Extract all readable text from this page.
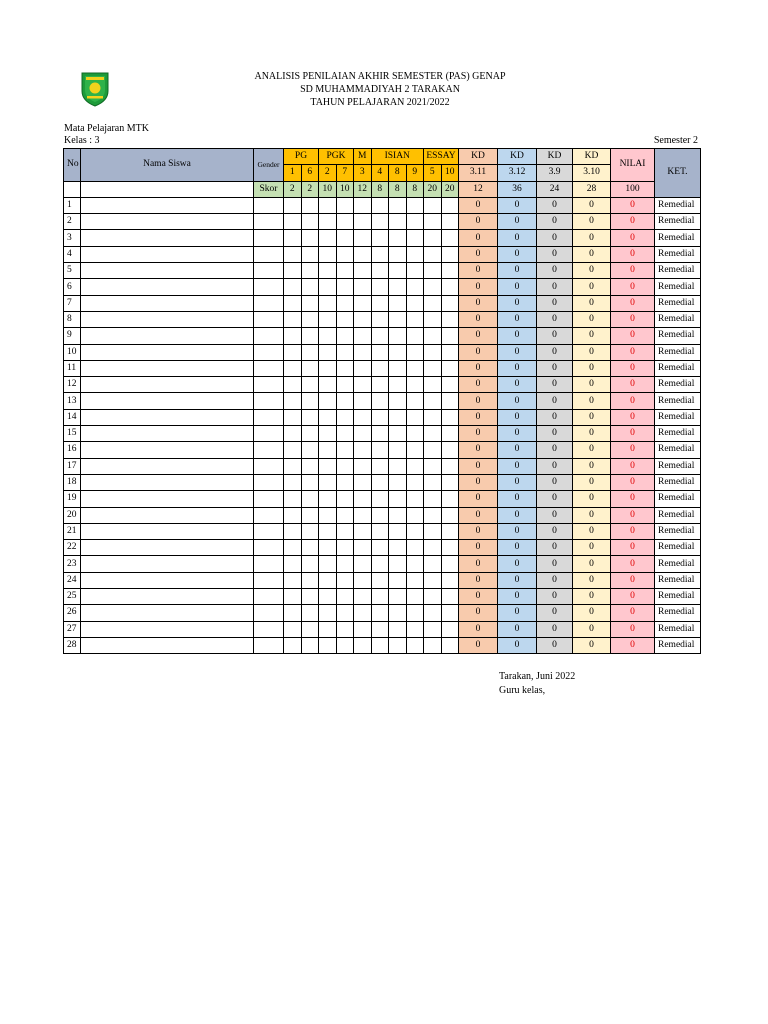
ANALISIS PENILAIAN AKHIR SEMESTER (PAS) GENAP
SD MUHAMMADIYAH 2 TARAKAN
TAHUN PELAJARAN 2021/2022
Mata Pelajaran MTK
Kelas : 3	Semester 2
No	Nama Siswa	Gender	PG		PGK		M	ISIAN			ESSAY		KD	KD	KD	KD	NILAI	KET.
			1	6	2	7	3	4	8	9	5	10	3.11	3.12	3.9	3.10		
		Skor	2	2	10	10	12	8	8	8	20	20	12	36	24	28	100	
1													0	0	0	0	0	Remedial
2													0	0	0	0	0	Remedial
3													0	0	0	0	0	Remedial
4													0	0	0	0	0	Remedial
5													0	0	0	0	0	Remedial
6													0	0	0	0	0	Remedial
7													0	0	0	0	0	Remedial
8													0	0	0	0	0	Remedial
9													0	0	0	0	0	Remedial
10													0	0	0	0	0	Remedial
11													0	0	0	0	0	Remedial
12													0	0	0	0	0	Remedial
13													0	0	0	0	0	Remedial
14													0	0	0	0	0	Remedial
15													0	0	0	0	0	Remedial
16													0	0	0	0	0	Remedial
17													0	0	0	0	0	Remedial
18													0	0	0	0	0	Remedial
19													0	0	0	0	0	Remedial
20													0	0	0	0	0	Remedial
21													0	0	0	0	0	Remedial
22													0	0	0	0	0	Remedial
23													0	0	0	0	0	Remedial
24													0	0	0	0	0	Remedial
25													0	0	0	0	0	Remedial
26													0	0	0	0	0	Remedial
27													0	0	0	0	0	Remedial
28													0	0	0	0	0	Remedial
Tarakan, Juni 2022
Guru kelas,
